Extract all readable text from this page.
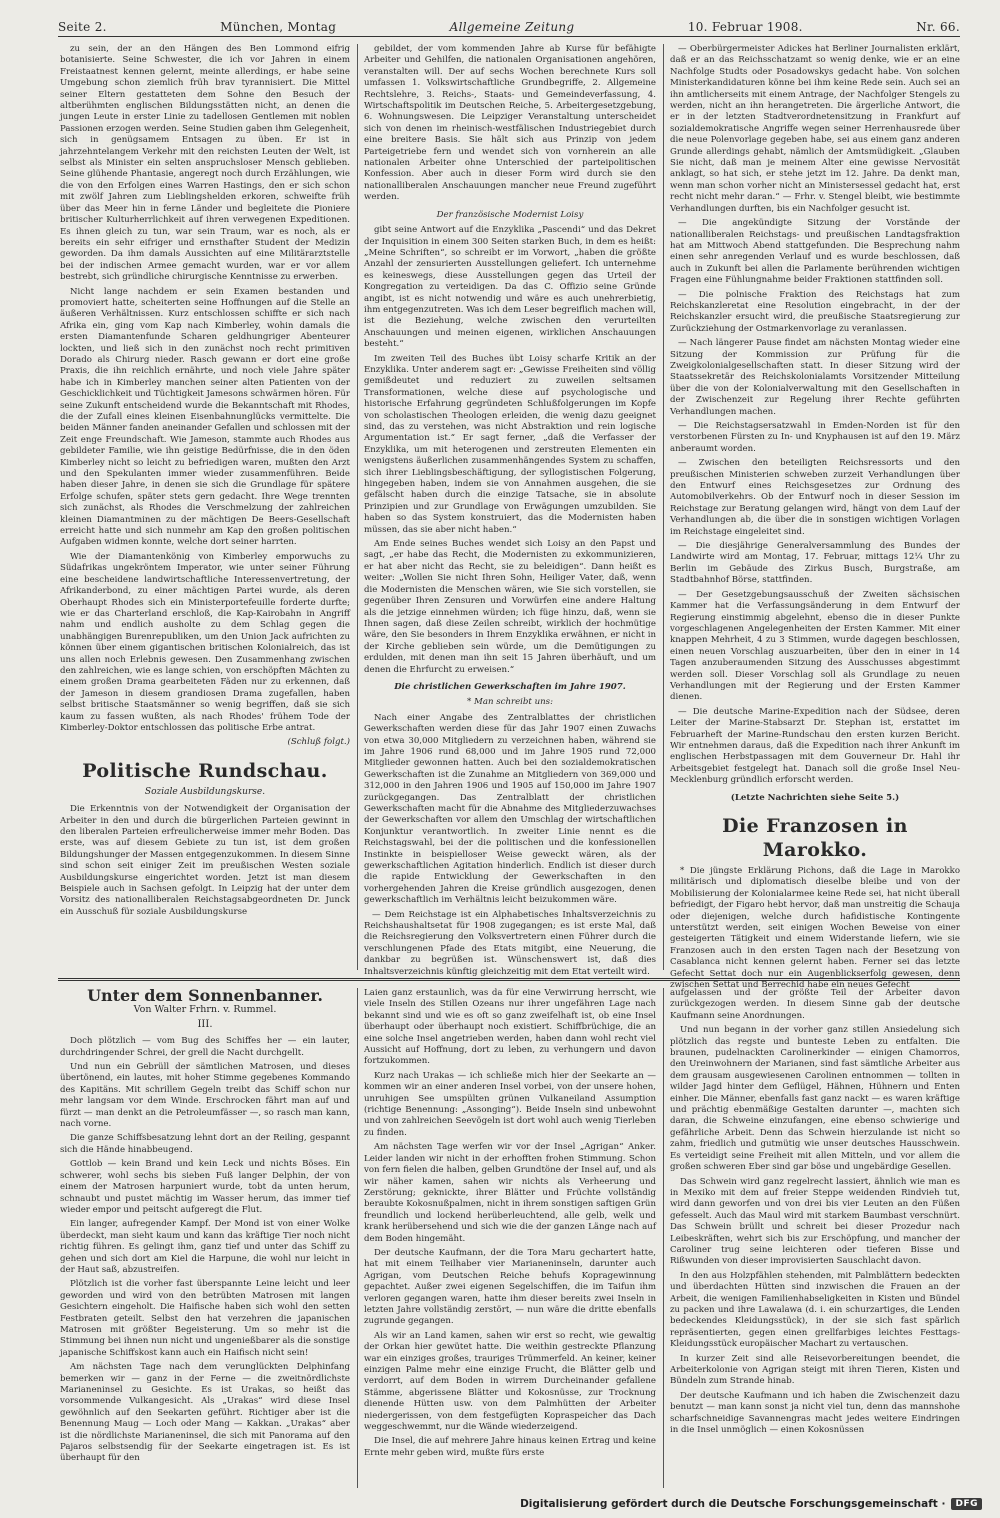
Seite 2.	München, Montag	Allgemeine Zeitung	10. Februar 1908.	Nr. 66.

zu sein, der an den Hängen des Ben Lommond eifrig botanisierte. Seine Schwester, die ich vor Jahren in einem Freistaatnest kennen gelernt, meinte allerdings, er habe seine Umgebung schon ziemlich früh brav tyrannisiert. Die Mittel seiner Eltern gestatteten dem Sohne den Besuch der altberühmten englischen Bildungsstätten nicht, an denen die jungen Leute in erster Linie zu tadellosen Gentlemen mit noblen Passionen erzogen werden. Seine Studien gaben ihm Gelegenheit, sich in genügsamem Entsagen zu üben. Er ist in jahrzehntelangem Verkehr mit den reichsten Leuten der Welt, ist selbst als Minister ein selten anspruchsloser Mensch geblieben. Seine glühende Phantasie, angeregt noch durch Erzählungen, wie die von den Erfolgen eines Warren Hastings, den er sich schon mit zwölf Jahren zum Lieblingshelden erkoren, schweifte früh über das Meer hin in ferne Länder und begleitete die Pioniere britischer Kulturherrlichkeit auf ihren verwegenen Expeditionen. Es ihnen gleich zu tun, war sein Traum, war es noch, als er bereits ein sehr eifriger und ernsthafter Student der Medizin geworden. Da ihm damals Aussichten auf eine Militärarztstelle bei der indischen Armee gemacht wurden, war er vor allem bestrebt, sich gründliche chirurgische Kenntnisse zu erwerben.

Nicht lange nachdem er sein Examen bestanden und promoviert hatte, scheiterten seine Hoffnungen auf die Stelle an äußeren Verhältnissen. Kurz entschlossen schiffte er sich nach Afrika ein, ging vom Kap nach Kimberley, wohin damals die ersten Diamantenfunde Scharen geldhungriger Abenteurer lockten, und ließ sich in den zunächst noch recht primitiven Dorado als Chirurg nieder. Rasch gewann er dort eine große Praxis, die ihn reichlich ernährte, und noch viele Jahre später habe ich in Kimberley manchen seiner alten Patienten von der Geschicklichkeit und Tüchtigkeit Jamesons schwärmen hören. Für seine Zukunft entscheidend wurde die Bekanntschaft mit Rhodes, die der Zufall eines kleinen Eisenbahnunglücks vermittelte. Die beiden Männer fanden aneinander Gefallen und schlossen mit der Zeit enge Freundschaft. Wie Jameson, stammte auch Rhodes aus gebildeter Familie, wie ihn geistige Bedürfnisse, die in den öden Kimberley nicht so leicht zu befriedigen waren, mußten den Arzt und den Spekulanten immer wieder zusammenführen. Beide haben dieser Jahre, in denen sie sich die Grundlage für spätere Erfolge schufen, später stets gern gedacht. Ihre Wege trennten sich zunächst, als Rhodes die Verschmelzung der zahlreichen kleinen Diamantminen zu der mächtigen De Beers-Gesellschaft erreicht hatte und sich nunmehr am Kap den großen politischen Aufgaben widmen konnte, welche dort seiner harrten.

Wie der Diamantenkönig von Kimberley emporwuchs zu Südafrikas ungekröntem Imperator, wie unter seiner Führung eine bescheidene landwirtschaftliche Interessenvertretung, der Afrikanderbond, zu einer mächtigen Partei wurde, als deren Oberhaupt Rhodes sich ein Ministerportefeuille forderte durfte; wie er das Charterland erschloß, die Kap-Kairobahn in Angriff nahm und endlich ausholte zu dem Schlag gegen die unabhängigen Burenrepubliken, um den Union Jack aufrichten zu können über einem gigantischen britischen Kolonialreich, das ist uns allen noch Erlebnis gewesen. Den Zusammenhang zwischen den zahlreichen, wie es lange schien, von erschöpften Mächten zu einem großen Drama gearbeiteten Fäden nur zu erkennen, daß der Jameson in diesem grandiosen Drama zugefallen, haben selbst britische Staatsmänner so wenig begriffen, daß sie sich kaum zu fassen wußten, als nach Rhodes' frühem Tode der Kimberley-Doktor entschlossen das politische Erbe antrat.

(Schluß folgt.)
Politische Rundschau.
Soziale Ausbildungskurse.

Die Erkenntnis von der Notwendigkeit der Organisation der Arbeiter in den und durch die bürgerlichen Parteien gewinnt in den liberalen Parteien erfreulicherweise immer mehr Boden. Das erste, was auf diesem Gebiete zu tun ist, ist dem großen Bildungshunger der Massen entgegenzukommen. In diesem Sinne sind schon seit einiger Zeit im preußischen Westen soziale Ausbildungskurse eingerichtet worden. Jetzt ist man diesem Beispiele auch in Sachsen gefolgt. In Leipzig hat der unter dem Vorsitz des nationalliberalen Reichstagsabgeordneten Dr. Junck ein Ausschuß für soziale Ausbildungskurse

gebildet, der vom kommenden Jahre ab Kurse für befähigte Arbeiter und Gehilfen, die nationalen Organisationen angehören, veranstalten will. Der auf sechs Wochen berechnete Kurs soll umfassen 1. Volkswirtschaftliche Grundbegriffe, 2. Allgemeine Rechtslehre, 3. Reichs-, Staats- und Gemeindeverfassung, 4. Wirtschaftspolitik im Deutschen Reiche, 5. Arbeitergesetzgebung, 6. Wohnungswesen. Die Leipziger Veranstaltung unterscheidet sich von denen im rheinisch-westfälischen Industriegebiet durch eine breitere Basis. Sie hält sich aus Prinzip von jedem Parteigetriebe fern und wendet sich von vornherein an alle nationalen Arbeiter ohne Unterschied der parteipolitischen Konfession. Aber auch in dieser Form wird durch sie den nationalliberalen Anschauungen mancher neue Freund zugeführt werden.

Der französische Modernist Loisy

gibt seine Antwort auf die Enzyklika „Pascendi“ und das Dekret der Inquisition in einem 300 Seiten starken Buch, in dem es heißt: „Meine Schriften“, so schreibt er im Vorwort, „haben die größte Anzahl der zensurierten Ausstellungen geliefert. Ich unternehme es keineswegs, diese Ausstellungen gegen das Urteil der Kongregation zu verteidigen. Da das C. Offizio seine Gründe angibt, ist es nicht notwendig und wäre es auch unehrerbietig, ihm entgegenzutreten. Was ich dem Leser begreiflich machen will, ist die Beziehung, welche zwischen den verurteilten Anschauungen und meinen eigenen, wirklichen Anschauungen besteht.“

Im zweiten Teil des Buches übt Loisy scharfe Kritik an der Enzyklika. Unter anderem sagt er: „Gewisse Freiheiten sind völlig gemißdeutet und reduziert zu zuweilen seltsamen Transformationen, welche diese auf psychologische und historische Erfahrung gegründeten Schlußfolgerungen im Kopfe von scholastischen Theologen erleiden, die wenig dazu geeignet sind, das zu verstehen, was nicht Abstraktion und rein logische Argumentation ist.“ Er sagt ferner, „daß die Verfasser der Enzyklika, um mit heterogenen und zerstreuten Elementen ein wenigstens äußerlichen zusammenhängendes System zu schaffen, sich ihrer Lieblingsbeschäftigung, der syllogistischen Folgerung, hingegeben haben, indem sie von Annahmen ausgehen, die sie gefälscht haben durch die einzige Tatsache, sie in absolute Prinzipien und zur Grundlage von Erwägungen umzubilden. Sie haben so das System konstruiert, das die Modernisten haben müssen, das sie aber nicht haben.“

Am Ende seines Buches wendet sich Loisy an den Papst und sagt, „er habe das Recht, die Modernisten zu exkommunizieren, er hat aber nicht das Recht, sie zu beleidigen“. Dann heißt es weiter: „Wollen Sie nicht Ihren Sohn, Heiliger Vater, daß, wenn die Modernisten die Menschen wären, wie Sie sich vorstellen, sie gegenüber Ihren Zensuren und Vorwürfen eine andere Haltung als die jetzige einnehmen würden; ich füge hinzu, daß, wenn sie Ihnen sagen, daß diese Zeilen schreibt, wirklich der hochmütige wäre, den Sie besonders in Ihrem Enzyklika erwähnen, er nicht in der Kirche geblieben sein würde, um die Demütigungen zu erdulden, mit denen man ihn seit 15 Jahren überhäuft, und um denen die Ehrfurcht zu erweisen.“

Die christlichen Gewerkschaften im Jahre 1907.

* Man schreibt uns:

Nach einer Angabe des Zentralblattes der christlichen Gewerkschaften werden diese für das Jahr 1907 einen Zuwachs von etwa 30,000 Mitgliedern zu verzeichnen haben, während sie im Jahre 1906 rund 68,000 und im Jahre 1905 rund 72,000 Mitglieder gewonnen hatten. Auch bei den sozialdemokratischen Gewerkschaften ist die Zunahme an Mitgliedern von 369,000 und 312,000 in den Jahren 1906 und 1905 auf 150,000 im Jahre 1907 zurückgegangen. Das Zentralblatt der christlichen Gewerkschaften macht für die Abnahme des Mitgliederzuwachses der Gewerkschaften vor allem den Umschlag der wirtschaftlichen Konjunktur verantwortlich. In zweiter Linie nennt es die Reichstagswahl, bei der die politischen und die konfessionellen Instinkte in beispielloser Weise geweckt wären, als der gewerkschaftlichen Agitation hinderlich. Endlich ist dieser durch die rapide Entwicklung der Gewerkschaften in den vorhergehenden Jahren die Kreise gründlich ausgezogen, denen gewerkschaftlich im Verhältnis leicht beizukommen wäre.

— Dem Reichstage ist ein Alphabetisches Inhaltsverzeichnis zu Reichshaushaltsetat für 1908 zugegangen; es ist erste Mal, daß die Reichsregierung den Volksvertretern einen Führer durch die verschlungenen Pfade des Etats mitgibt, eine Neuerung, die dankbar zu begrüßen ist. Wünschenswert ist, daß dies Inhaltsverzeichnis künftig gleichzeitig mit dem Etat verteilt wird.

— Oberbürgermeister Adickes hat Berliner Journalisten erklärt, daß er an das Reichsschatzamt so wenig denke, wie er an eine Nachfolge Studts oder Posadowskys gedacht habe. Von solchen Ministerkandidaturen könne bei ihm keine Rede sein. Auch sei an ihn amtlicherseits mit einem Antrage, der Nachfolger Stengels zu werden, nicht an ihn herangetreten. Die ärgerliche Antwort, die er in der letzten Stadtverordnetensitzung in Frankfurt auf sozialdemokratische Angriffe wegen seiner Herrenhausrede über die neue Polenvorlage gegeben habe, sei aus einem ganz anderen Grunde allerdings gehabt, nämlich der Amtsmüdigkeit. „Glauben Sie nicht, daß man je meinem Alter eine gewisse Nervosität anklagt, so hat sich, er stehe jetzt im 12. Jahre. Da denkt man, wenn man schon vorher nicht an Ministersessel gedacht hat, erst recht nicht mehr daran.“ — Frhr. v. Stengel bleibt, wie bestimmte Verhandlungen durften, bis ein Nachfolger gesucht ist.

— Die angekündigte Sitzung der Vorstände der nationalliberalen Reichstags- und preußischen Landtagsfraktion hat am Mittwoch Abend stattgefunden. Die Besprechung nahm einen sehr anregenden Verlauf und es wurde beschlossen, daß auch in Zukunft bei allen die Parlamente berührenden wichtigen Fragen eine Fühlungnahme beider Fraktionen stattfinden soll.

— Die polnische Fraktion des Reichstags hat zum Reichskanzleretat eine Resolution eingebracht, in der der Reichskanzler ersucht wird, die preußische Staatsregierung zur Zurückziehung der Ostmarkenvorlage zu veranlassen.

— Nach längerer Pause findet am nächsten Montag wieder eine Sitzung der Kommission zur Prüfung für die Zweigkolonialgesellschaften statt. In dieser Sitzung wird der Staatssekretär des Reichskolonialamts Vorsitzender Mitteilung über die von der Kolonialverwaltung mit den Gesellschaften in der Zwischenzeit zur Regelung ihrer Rechte geführten Verhandlungen machen.

— Die Reichstagsersatzwahl in Emden-Norden ist für den verstorbenen Fürsten zu In- und Knyphausen ist auf den 19. März anberaumt worden.

— Zwischen den beteiligten Reichsressorts und den preußischen Ministerien schweben zurzeit Verhandlungen über den Entwurf eines Reichsgesetzes zur Ordnung des Automobilverkehrs. Ob der Entwurf noch in dieser Session im Reichstage zur Beratung gelangen wird, hängt von dem Lauf der Verhandlungen ab, die über die in sonstigen wichtigen Vorlagen im Reichstage eingeleitet sind.

— Die diesjährige Generalversammlung des Bundes der Landwirte wird am Montag, 17. Februar, mittags 12¼ Uhr zu Berlin im Gebäude des Zirkus Busch, Burgstraße, am Stadtbahnhof Börse, stattfinden.

— Der Gesetzgebungsausschuß der Zweiten sächsischen Kammer hat die Verfassungsänderung in dem Entwurf der Regierung einstimmig abgelehnt, ebenso die in dieser Punkte vorgeschlagenen Angelegenheiten der Ersten Kammer. Mit einer knappen Mehrheit, 4 zu 3 Stimmen, wurde dagegen beschlossen, einen neuen Vorschlag auszuarbeiten, über den in einer in 14 Tagen anzuberaumenden Sitzung des Ausschusses abgestimmt werden soll. Dieser Vorschlag soll als Grundlage zu neuen Verhandlungen mit der Regierung und der Ersten Kammer dienen.

— Die deutsche Marine-Expedition nach der Südsee, deren Leiter der Marine-Stabsarzt Dr. Stephan ist, erstattet im Februarheft der Marine-Rundschau den ersten kurzen Bericht. Wir entnehmen daraus, daß die Expedition nach ihrer Ankunft im englischen Herbstpassagen mit dem Gouverneur Dr. Hahl ihr Arbeitsgebiet festgelegt hat. Danach soll die große Insel Neu-Mecklenburg gründlich erforscht werden.

(Letzte Nachrichten siehe Seite 5.)

Die Franzosen in Marokko.

* Die jüngste Erklärung Pichons, daß die Lage in Marokko militärisch und diplomatisch dieselbe bleibe und von der Mobilisierung der Kolonialarmee keine Rede sei, hat nicht überall befriedigt, der Figaro hebt hervor, daß man unstreitig die Schauja oder diejenigen, welche durch hafidistische Kontingente unterstützt werden, seit einigen Wochen Beweise von einer gesteigerten Tätigkeit und einem Widerstande liefern, wie sie Franzosen auch in den ersten Tagen nach der Besetzung von Casablanca nicht kennen gelernt haben. Ferner sei das letzte Gefecht Settat doch nur ein Augenblickserfolg gewesen, denn zwischen Settat und Berrechid habe ein neues Gefecht

Unter dem Sonnenbanner.
Von Walter Frhrn. v. Rummel.
III.

Doch plötzlich — vom Bug des Schiffes her — ein lauter, durchdringender Schrei, der grell die Nacht durchgellt.

Und nun ein Gebrüll der sämtlichen Matrosen, und dieses übertönend, ein lautes, mit hoher Stimme gegebenes Kommando des Kapitäns. Mit schrillem Gegeln treibt das Schiff schon nur mehr langsam vor dem Winde. Erschrocken fährt man auf und fürzt — man denkt an die Petroleumfässer —, so rasch man kann, nach vorne.

Die ganze Schiffsbesatzung lehnt dort an der Reiling, gespannt sich die Hände hinabbeugend.

Gottlob — kein Brand und kein Leck und nichts Böses. Ein schwerer, wohl sechs bis sieben Fuß langer Delphin, der von einem der Matrosen harpuniert wurde, tobt da unten herum, schnaubt und pustet mächtig im Wasser herum, das immer tief wieder empor und peitscht aufgeregt die Flut.

Ein langer, aufregender Kampf. Der Mond ist von einer Wolke überdeckt, man sieht kaum und kann das kräftige Tier noch nicht richtig führen. Es gelingt ihm, ganz tief und unter das Schiff zu gehen und sich dort am Kiel die Harpune, die wohl nur leicht in der Haut saß, abzustreifen.

Plötzlich ist die vorher fast überspannte Leine leicht und leer geworden und wird von den betrübten Matrosen mit langen Gesichtern eingeholt. Die Haifische haben sich wohl den setten Festbraten geteilt. Selbst den hat verzehren die japanischen Matrosen mit größter Begeisterung. Um so mehr ist die Stimmung bei ihnen nun nicht und ungenießbarer als die sonstige japanische Schiffskost kann auch ein Haifisch nicht sein!

Am nächsten Tage nach dem verunglückten Delphinfang bemerken wir — ganz in der Ferne — die zweitnördlichste Marianeninsel zu Gesichte. Es ist Urakas, so heißt das vorsommende Vulkangesicht. Als „Urakas“ wird diese Insel gewöhnlich auf den Seekarten geführt. Richtiger aber ist die Benennung Maug — Loch oder Mang — Kakkan. „Urakas“ aber ist die nördlichste Marianeninsel, die sich mit Panorama auf den Pajaros selbstsendig für der Seekarte eingetragen ist. Es ist überhaupt für den

Laien ganz erstaunlich, was da für eine Verwirrung herrscht, wie viele Inseln des Stillen Ozeans nur ihrer ungefähren Lage nach bekannt sind und wie es oft so ganz zweifelhaft ist, ob eine Insel überhaupt oder überhaupt noch existiert. Schiffbrüchige, die an eine solche Insel angetrieben werden, haben dann wohl recht viel Aussicht auf Hoffnung, dort zu leben, zu verhungern und davon fortzukommen.

Kurz nach Urakas — ich schließe mich hier der Seekarte an — kommen wir an einer anderen Insel vorbei, von der unsere hohen, unruhigen See umspülten grünen Vulkaneiland Assumption (richtige Benennung: „Assonging“). Beide Inseln sind unbewohnt und von zahlreichen Seevögeln ist dort wohl auch wenig Tierleben zu finden.

Am nächsten Tage werfen wir vor der Insel „Agrigan“ Anker. Leider landen wir nicht in der erhofften frohen Stimmung. Schon von fern fielen die halben, gelben Grundtöne der Insel auf, und als wir näher kamen, sahen wir nichts als Verheerung und Zerstörung; geknickte, ihrer Blätter und Früchte vollständig beraubte Kokosnußpalmen, nicht in ihrem sonstigen saftigen Grün freundlich und lockend herüberleuchtend, alle gelb, welk und krank herübersehend und sich wie die der ganzen Länge nach auf dem Boden hingemäht.

Der deutsche Kaufmann, der die Tora Maru gechartert hatte, hat mit einem Teilhaber vier Marianeninseln, darunter auch Agrigan, vom Deutschen Reiche behufs Kopragewinnung gepachtet. Außer zwei eigenen Segelschiffen, die im Taifun ihm verloren gegangen waren, hatte ihm dieser bereits zwei Inseln in letzten Jahre vollständig zerstört, — nun wäre die dritte ebenfalls zugrunde gegangen.

Als wir an Land kamen, sahen wir erst so recht, wie gewaltig der Orkan hier gewütet hatte. Die weithin gestreckte Pflanzung war ein einziges großes, trauriges Trümmerfeld. An keiner, keiner einzigen Palme mehr eine einzige Frucht, die Blätter gelb und verdorrt, auf dem Boden in wirrem Durcheinander gefallene Stämme, abgerissene Blätter und Kokosnüsse, zur Trocknung dienende Hütten usw. von dem Palmhütten der Arbeiter niedergerissen, von dem festgefügten Kopraspeicher das Dach weggeschwemmt, nur die Wände wiederzeigend.

Die Insel, die auf mehrere Jahre hinaus keinen Ertrag und keine Ernte mehr geben wird, mußte fürs erste

aufgelassen und der größte Teil der Arbeiter davon zurückgezogen werden. In diesem Sinne gab der deutsche Kaufmann seine Anordnungen.

Und nun begann in der vorher ganz stillen Ansiedelung sich plötzlich das regste und bunteste Leben zu entfalten. Die braunen, pudelnackten Carolinerkinder — einigen Chamorros, den Ureinwohnern der Marianen, sind fast sämtliche Arbeiter aus dem grausam ausgewiesenen Carolinen entnommen — tollten in wilder Jagd hinter dem Geflügel, Hähnen, Hühnern und Enten einher. Die Männer, ebenfalls fast ganz nackt — es waren kräftige und prächtig ebenmäßige Gestalten darunter —, machten sich daran, die Schweine einzufangen, eine ebenso schwierige und gefährliche Arbeit. Denn das Schwein hierzulande ist nicht so zahm, friedlich und gutmütig wie unser deutsches Hausschwein. Es verteidigt seine Freiheit mit allen Mitteln, und vor allem die großen schweren Eber sind gar böse und ungebärdige Gesellen.

Das Schwein wird ganz regelrecht lassiert, ähnlich wie man es in Mexiko mit dem auf freier Steppe weidenden Rindvieh tut, wird dann geworfen und von drei bis vier Leuten an den Füßen gefesselt. Auch das Maul wird mit starkem Baumbast verschnürt. Das Schwein brüllt und schreit bei dieser Prozedur nach Leibeskräften, wehrt sich bis zur Erschöpfung, und mancher der Caroliner trug seine leichteren oder tieferen Bisse und Rißwunden von dieser improvisierten Sauschlacht davon.

In den aus Holzpfählen stehenden, mit Palmblättern bedeckten und überdachten Hütten sind inzwischen die Frauen an der Arbeit, die wenigen Familienhabseligkeiten in Kisten und Bündel zu packen und ihre Lawalawa (d. i. ein schurzartiges, die Lenden bedeckendes Kleidungsstück), in der sie sich fast spärlich repräsentierten, gegen einen grellfarbiges leichtes Festtags-Kleidungsstück europäischer Machart zu vertauschen.

In kurzer Zeit sind alle Reisevorbereitungen beendet, die Arbeiterkolonie von Agrigan steigt mit ihren Tieren, Kisten und Bündeln zum Strande hinab.

Der deutsche Kaufmann und ich haben die Zwischenzeit dazu benutzt — man kann sonst ja nicht viel tun, denn das mannshohe scharfschneidige Savannengras macht jedes weitere Eindringen in die Insel unmöglich — einen Kokosnüssen

Digitalisierung gefördert durch die Deutsche Forschungsgemeinschaft ·	DFG
